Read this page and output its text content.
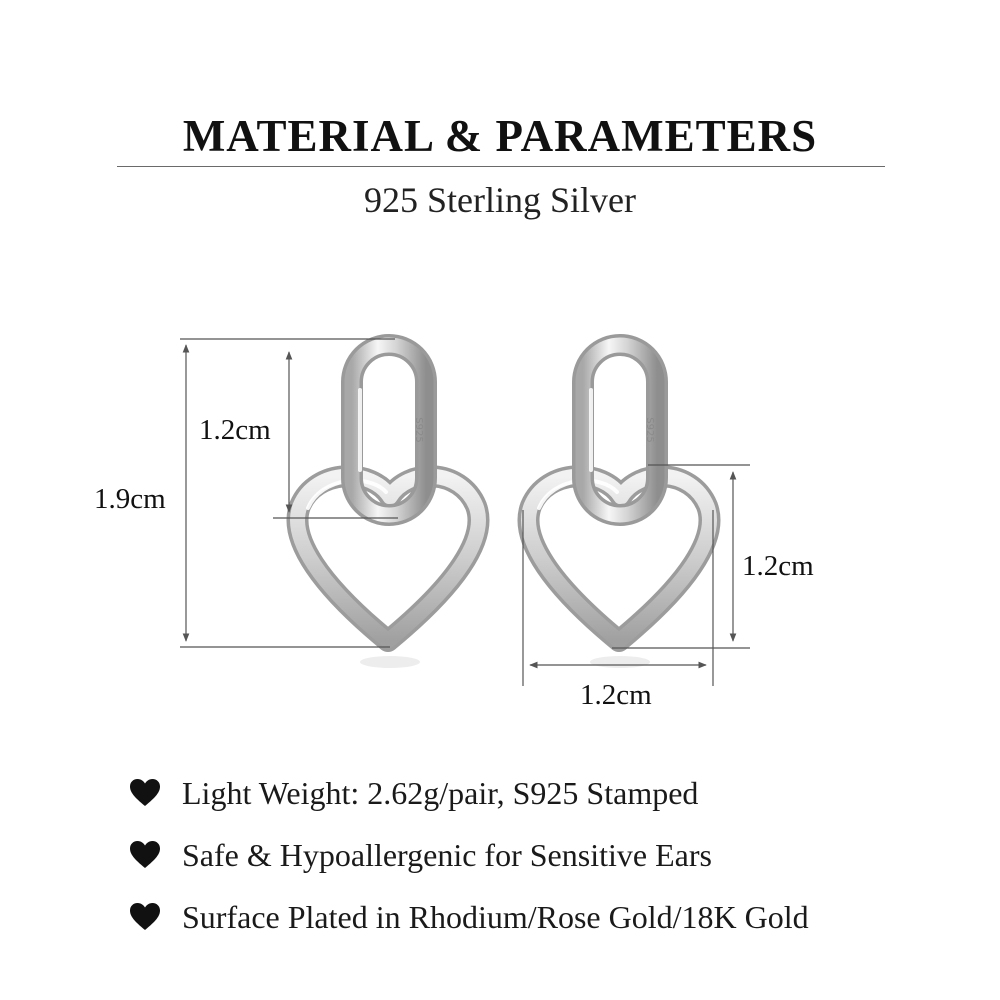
MATERIAL & PARAMETERS
925 Sterling Silver
S925	S925
1.9cm
1.2cm
1.2cm
1.2cm
Light Weight: 2.62g/pair, S925 Stamped
Safe & Hypoallergenic for Sensitive Ears
Surface Plated in Rhodium/Rose Gold/18K Gold
